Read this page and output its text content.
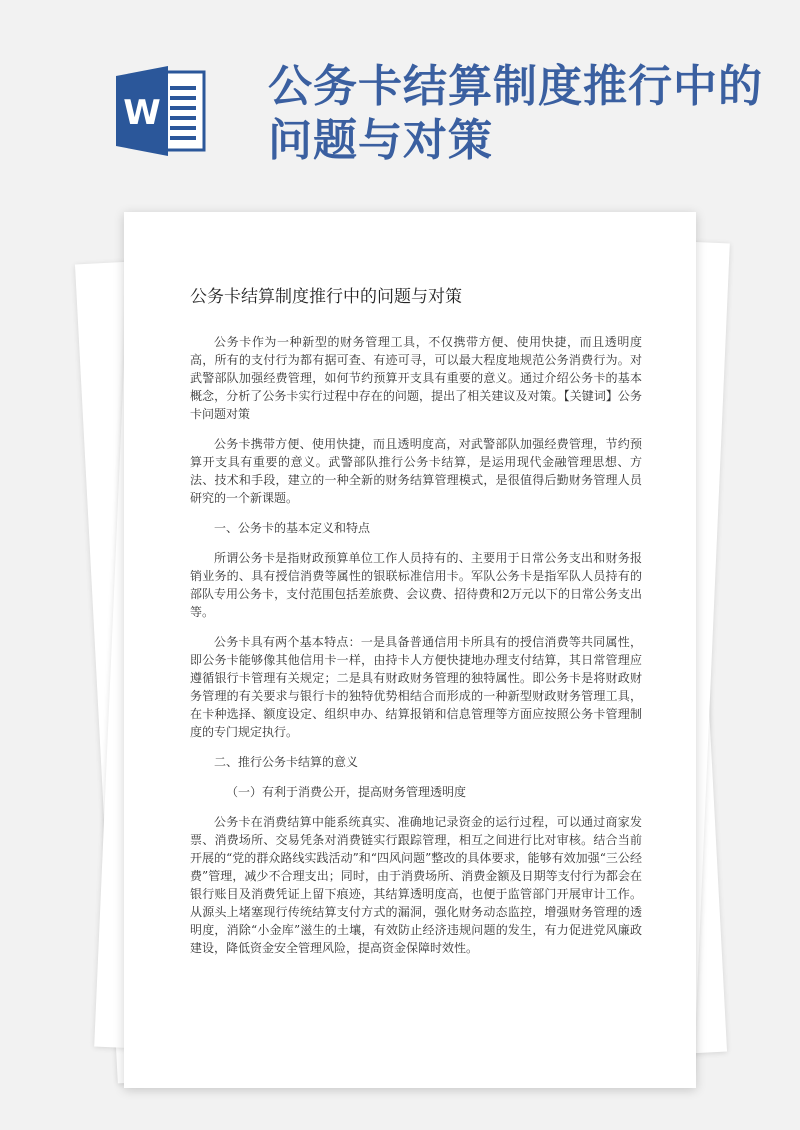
W
公务卡结算制度推行中的问题与对策
公务卡结算制度推行中的问题与对策

公务卡作为一种新型的财务管理工具，不仅携带方便、使用快捷，而且透明度高，所有的支付行为都有据可查、有迹可寻，可以最大程度地规范公务消费行为。对武警部队加强经费管理，如何节约预算开支具有重要的意义。通过介绍公务卡的基本概念，分析了公务卡实行过程中存在的问题，提出了相关建议及对策。【关键词】公务卡问题对策

公务卡携带方便、使用快捷，而且透明度高，对武警部队加强经费管理，节约预算开支具有重要的意义。武警部队推行公务卡结算，是运用现代金融管理思想、方法、技术和手段，建立的一种全新的财务结算管理模式，是很值得后勤财务管理人员研究的一个新课题。

一、公务卡的基本定义和特点

所谓公务卡是指财政预算单位工作人员持有的、主要用于日常公务支出和财务报销业务的、具有授信消费等属性的银联标准信用卡。军队公务卡是指军队人员持有的部队专用公务卡，支付范围包括差旅费、会议费、招待费和2万元以下的日常公务支出等。

公务卡具有两个基本特点：一是具备普通信用卡所具有的授信消费等共同属性，即公务卡能够像其他信用卡一样，由持卡人方便快捷地办理支付结算，其日常管理应遵循银行卡管理有关规定；二是具有财政财务管理的独特属性。即公务卡是将财政财务管理的有关要求与银行卡的独特优势相结合而形成的一种新型财政财务管理工具，在卡种选择、额度设定、组织申办、结算报销和信息管理等方面应按照公务卡管理制度的专门规定执行。

二、推行公务卡结算的意义

（一）有利于消费公开，提高财务管理透明度

公务卡在消费结算中能系统真实、准确地记录资金的运行过程，可以通过商家发票、消费场所、交易凭条对消费链实行跟踪管理，相互之间进行比对审核。结合当前开展的“党的群众路线实践活动”和“四风问题”整改的具体要求，能够有效加强“三公经费”管理，减少不合理支出；同时，由于消费场所、消费金额及日期等支付行为都会在银行账目及消费凭证上留下痕迹，其结算透明度高，也便于监管部门开展审计工作。从源头上堵塞现行传统结算支付方式的漏洞，强化财务动态监控，增强财务管理的透明度，消除“小金库”滋生的土壤，有效防止经济违规问题的发生，有力促进党风廉政建设，降低资金安全管理风险，提高资金保障时效性。
